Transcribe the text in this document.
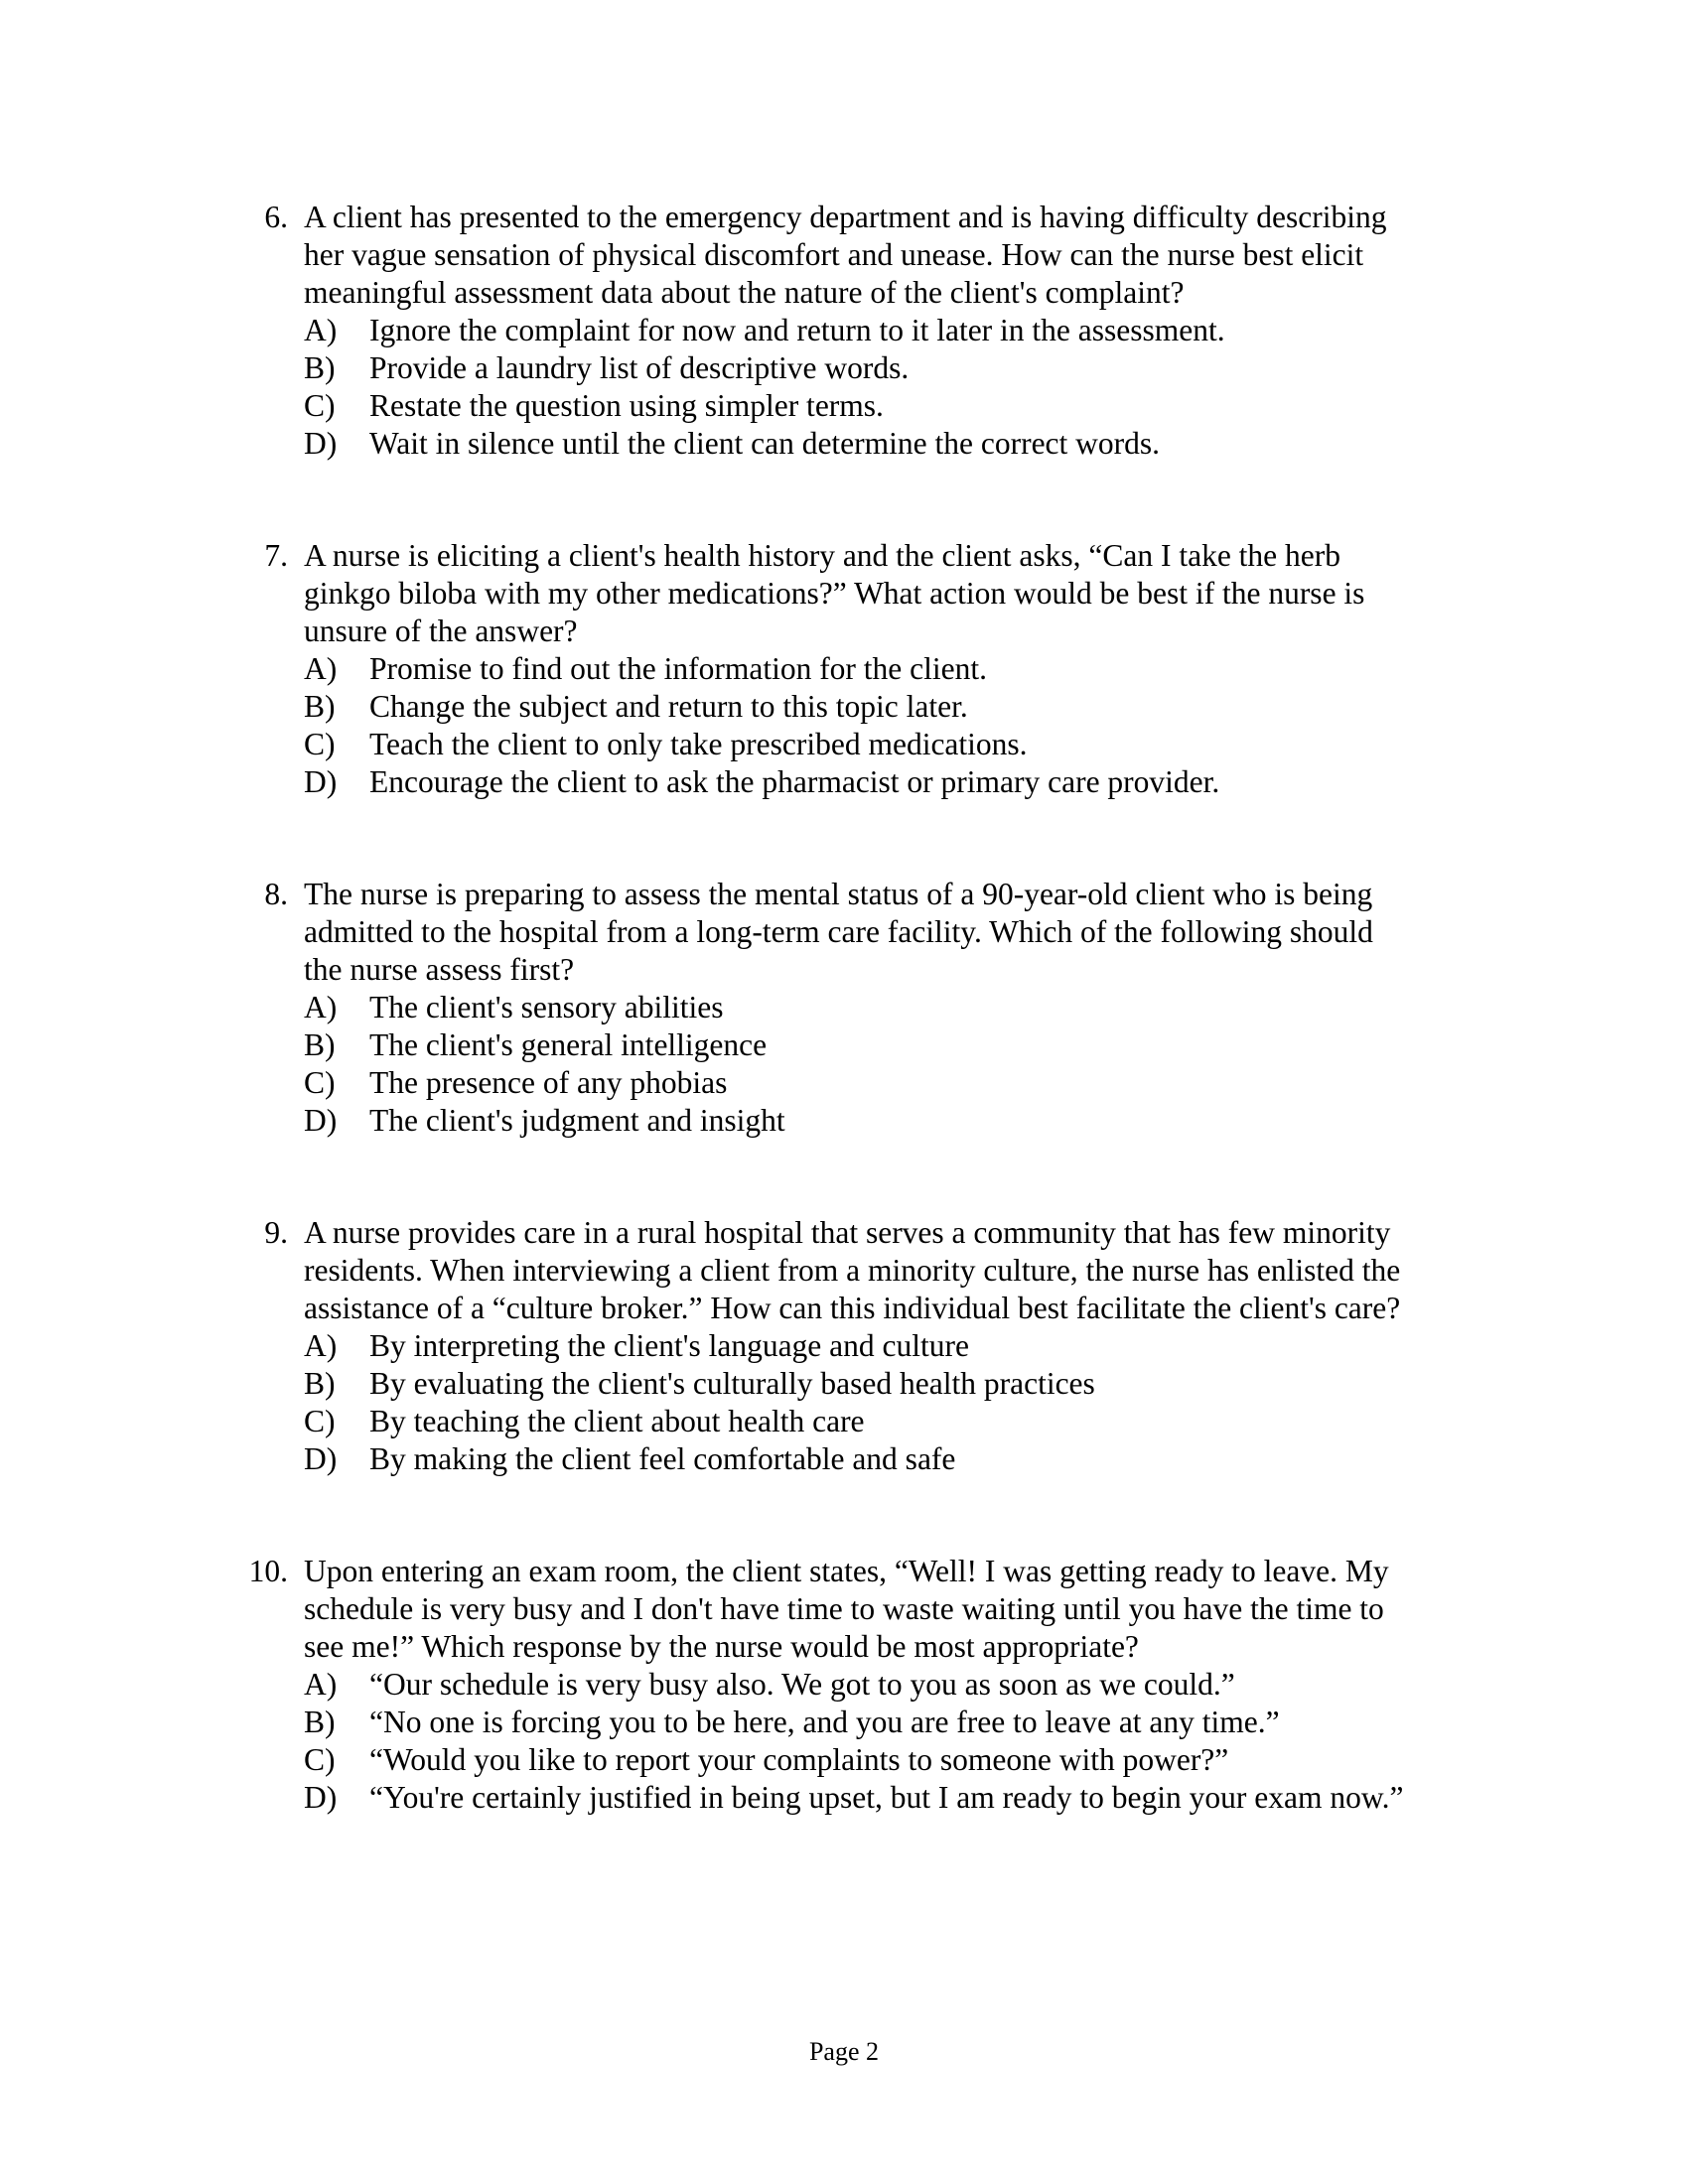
6. A client has presented to the emergency department and is having difficulty describing
her vague sensation of physical discomfort and unease. How can the nurse best elicit
meaningful assessment data about the nature of the client's complaint?
A) Ignore the complaint for now and return to it later in the assessment.
B) Provide a laundry list of descriptive words.
C) Restate the question using simpler terms.
D) Wait in silence until the client can determine the correct words.
7. A nurse is eliciting a client's health history and the client asks, “Can I take the herb
ginkgo biloba with my other medications?” What action would be best if the nurse is
unsure of the answer?
A) Promise to find out the information for the client.
B) Change the subject and return to this topic later.
C) Teach the client to only take prescribed medications.
D) Encourage the client to ask the pharmacist or primary care provider.
8. The nurse is preparing to assess the mental status of a 90-year-old client who is being
admitted to the hospital from a long-term care facility. Which of the following should
the nurse assess first?
A) The client's sensory abilities
B) The client's general intelligence
C) The presence of any phobias
D) The client's judgment and insight
9. A nurse provides care in a rural hospital that serves a community that has few minority
residents. When interviewing a client from a minority culture, the nurse has enlisted the
assistance of a “culture broker.” How can this individual best facilitate the client's care?
A) By interpreting the client's language and culture
B) By evaluating the client's culturally based health practices
C) By teaching the client about health care
D) By making the client feel comfortable and safe
10. Upon entering an exam room, the client states, “Well! I was getting ready to leave. My
schedule is very busy and I don't have time to waste waiting until you have the time to
see me!” Which response by the nurse would be most appropriate?
A) “Our schedule is very busy also. We got to you as soon as we could.”
B) “No one is forcing you to be here, and you are free to leave at any time.”
C) “Would you like to report your complaints to someone with power?”
D) “You're certainly justified in being upset, but I am ready to begin your exam now.”
Page 2
